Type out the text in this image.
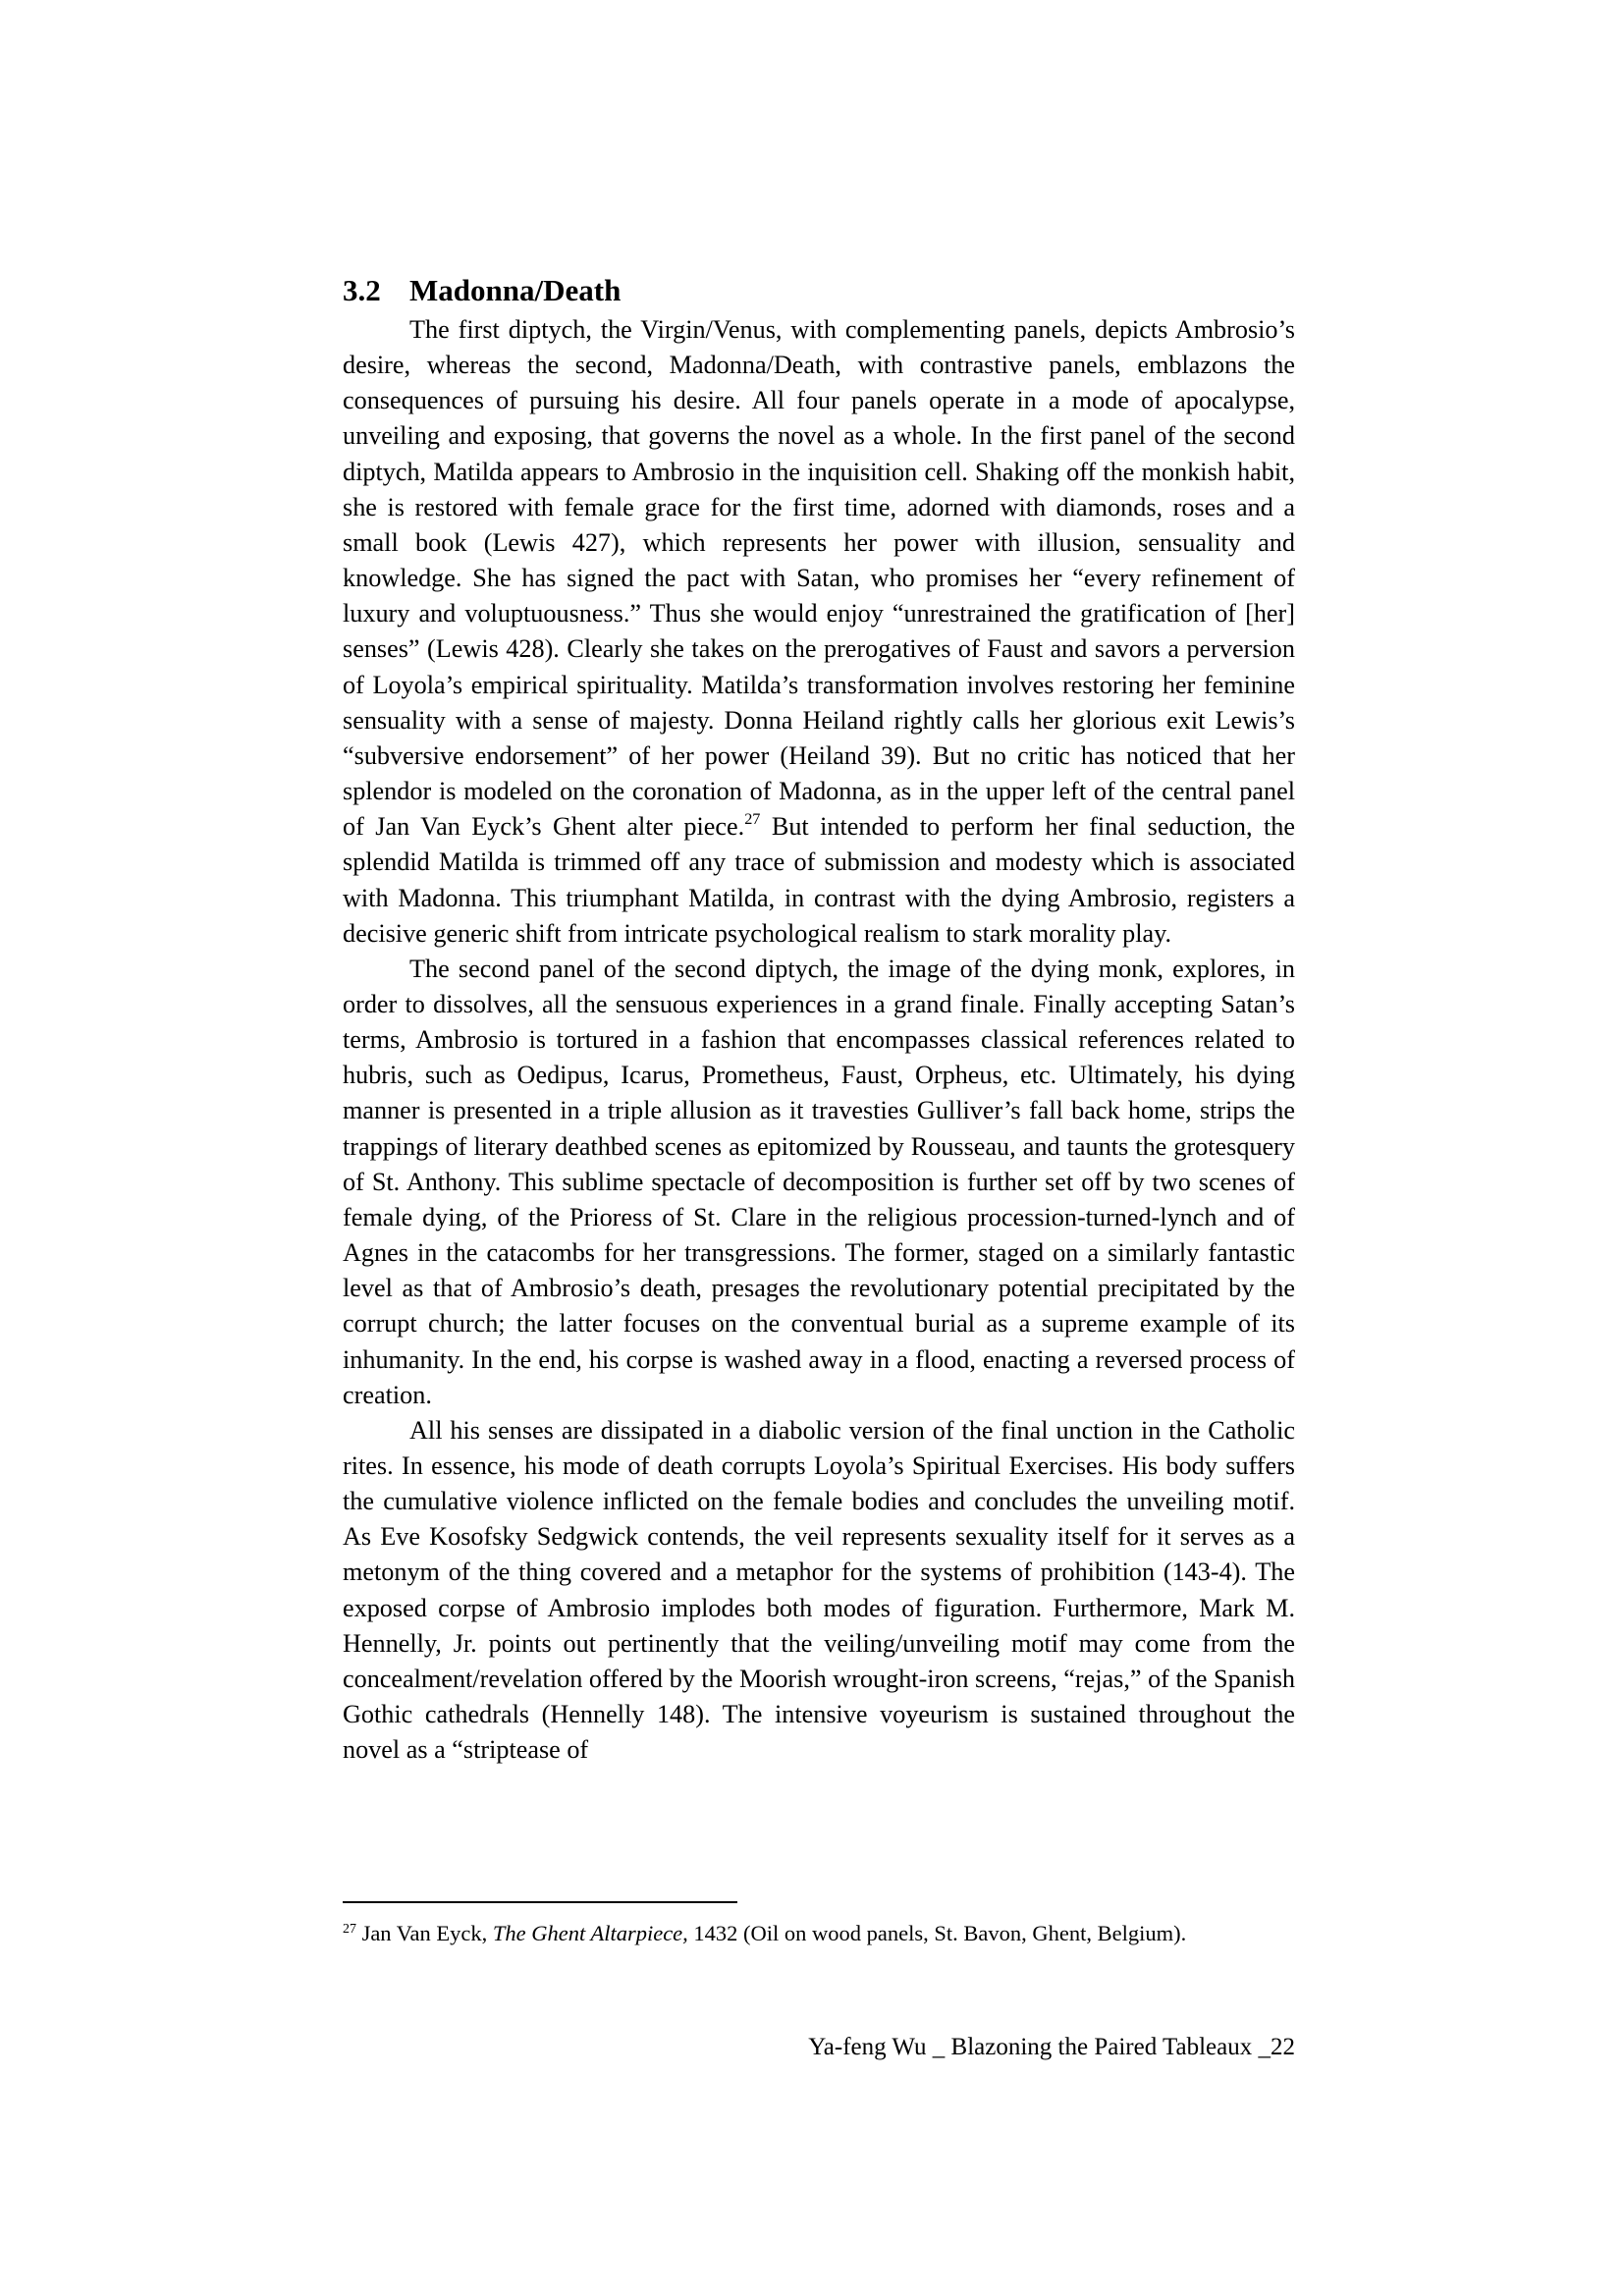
3.2 Madonna/Death

The first diptych, the Virgin/Venus, with complementing panels, depicts Ambrosio’s desire, whereas the second, Madonna/Death, with contrastive panels, emblazons the consequences of pursuing his desire. All four panels operate in a mode of apocalypse, unveiling and exposing, that governs the novel as a whole. In the first panel of the second diptych, Matilda appears to Ambrosio in the inquisition cell. Shaking off the monkish habit, she is restored with female grace for the first time, adorned with diamonds, roses and a small book (Lewis 427), which represents her power with illusion, sensuality and knowledge. She has signed the pact with Satan, who promises her “every refinement of luxury and voluptuousness.” Thus she would enjoy “unrestrained the gratification of [her] senses” (Lewis 428). Clearly she takes on the prerogatives of Faust and savors a perversion of Loyola’s empirical spirituality. Matilda’s transformation involves restoring her feminine sensuality with a sense of majesty. Donna Heiland rightly calls her glorious exit Lewis’s “subversive endorsement” of her power (Heiland 39). But no critic has noticed that her splendor is modeled on the coronation of Madonna, as in the upper left of the central panel of Jan Van Eyck’s Ghent alter piece.$^{27}$ But intended to perform her final seduction, the splendid Matilda is trimmed off any trace of submission and modesty which is associated with Madonna. This triumphant Matilda, in contrast with the dying Ambrosio, registers a decisive generic shift from intricate psychological realism to stark morality play.

The second panel of the second diptych, the image of the dying monk, explores, in order to dissolves, all the sensuous experiences in a grand finale. Finally accepting Satan’s terms, Ambrosio is tortured in a fashion that encompasses classical references related to hubris, such as Oedipus, Icarus, Prometheus, Faust, Orpheus, etc. Ultimately, his dying manner is presented in a triple allusion as it travesties Gulliver’s fall back home, strips the trappings of literary deathbed scenes as epitomized by Rousseau, and taunts the grotesquery of St. Anthony. This sublime spectacle of decomposition is further set off by two scenes of female dying, of the Prioress of St. Clare in the religious procession-turned-lynch and of Agnes in the catacombs for her transgressions. The former, staged on a similarly fantastic level as that of Ambrosio’s death, presages the revolutionary potential precipitated by the corrupt church; the latter focuses on the conventual burial as a supreme example of its inhumanity. In the end, his corpse is washed away in a flood, enacting a reversed process of creation.

All his senses are dissipated in a diabolic version of the final unction in the Catholic rites. In essence, his mode of death corrupts Loyola’s Spiritual Exercises. His body suffers the cumulative violence inflicted on the female bodies and concludes the unveiling motif. As Eve Kosofsky Sedgwick contends, the veil represents sexuality itself for it serves as a metonym of the thing covered and a metaphor for the systems of prohibition (143-4). The exposed corpse of Ambrosio implodes both modes of figuration. Furthermore, Mark M. Hennelly, Jr. points out pertinently that the veiling/unveiling motif may come from the concealment/revelation offered by the Moorish wrought-iron screens, “rejas,” of the Spanish Gothic cathedrals (Hennelly 148). The intensive voyeurism is sustained throughout the novel as a “striptease of

$^{27}$ Jan Van Eyck, The Ghent Altarpiece, 1432 (Oil on wood panels, St. Bavon, Ghent, Belgium).
Ya-feng Wu _ Blazoning the Paired Tableaux _22
